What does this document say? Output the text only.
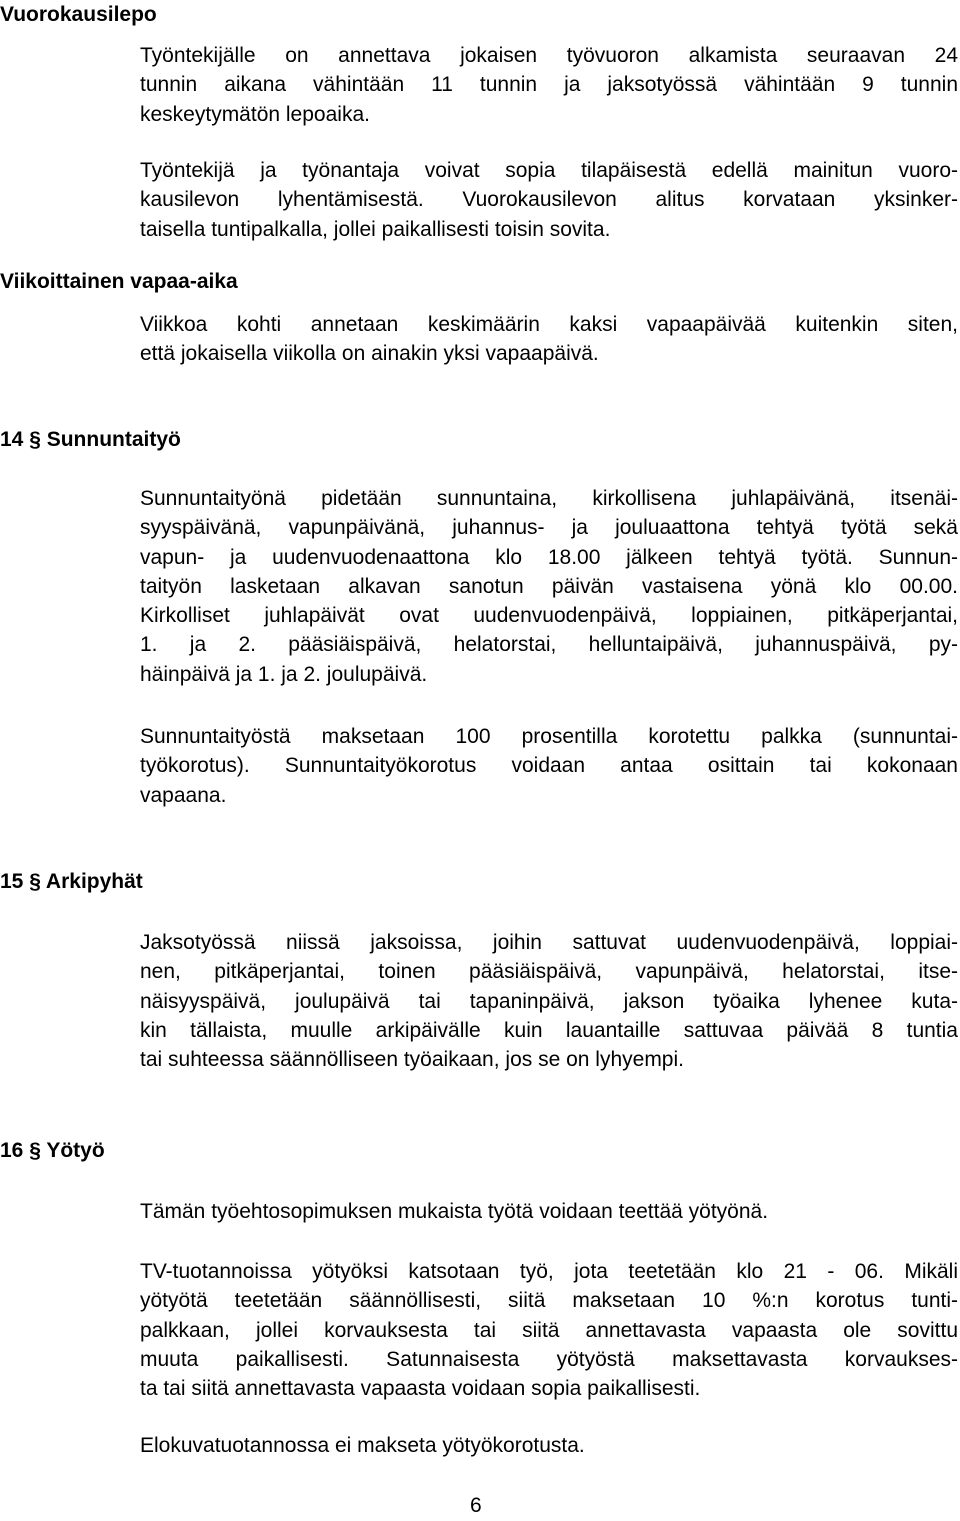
Vuorokausilepo
Työntekijälle on annettava jokaisen työvuoron alkamista seuraavan 24
tunnin aikana vähintään 11 tunnin ja jaksotyössä vähintään 9 tunnin
keskeytymätön lepoaika.
Työntekijä ja työnantaja voivat sopia tilapäisestä edellä mainitun vuoro-
kausilevon lyhentämisestä. Vuorokausilevon alitus korvataan yksinker-
taisella tuntipalkalla, jollei paikallisesti toisin sovita.
Viikoittainen vapaa-aika
Viikkoa kohti annetaan keskimäärin kaksi vapaapäivää kuitenkin siten,
että jokaisella viikolla on ainakin yksi vapaapäivä.
14 § Sunnuntaityö
Sunnuntaityönä pidetään sunnuntaina, kirkollisena juhlapäivänä, itsenäi-
syyspäivänä, vapunpäivänä, juhannus- ja jouluaattona tehtyä työtä sekä
vapun- ja uudenvuodenaattona klo 18.00 jälkeen tehtyä työtä. Sunnun-
taityön lasketaan alkavan sanotun päivän vastaisena yönä klo 00.00.
Kirkolliset juhlapäivät ovat uudenvuodenpäivä, loppiainen, pitkäperjantai,
1. ja 2. pääsiäispäivä, helatorstai, helluntaipäivä, juhannuspäivä, py-
häinpäivä ja 1. ja 2. joulupäivä.
Sunnuntaityöstä maksetaan 100 prosentilla korotettu palkka (sunnuntai-
työkorotus). Sunnuntaityökorotus voidaan antaa osittain tai kokonaan
vapaana.
15 § Arkipyhät
Jaksotyössä niissä jaksoissa, joihin sattuvat uudenvuodenpäivä, loppiai-
nen, pitkäperjantai, toinen pääsiäispäivä, vapunpäivä, helatorstai, itse-
näisyyspäivä, joulupäivä tai tapaninpäivä, jakson työaika lyhenee kuta-
kin tällaista, muulle arkipäivälle kuin lauantaille sattuvaa päivää 8 tuntia
tai suhteessa säännölliseen työaikaan, jos se on lyhyempi.
16 § Yötyö
Tämän työehtosopimuksen mukaista työtä voidaan teettää yötyönä.
TV-tuotannoissa yötyöksi katsotaan työ, jota teetetään klo 21 - 06. Mikäli
yötyötä teetetään säännöllisesti, siitä maksetaan 10 %:n korotus tunti-
palkkaan, jollei korvauksesta tai siitä annettavasta vapaasta ole sovittu
muuta paikallisesti. Satunnaisesta yötyöstä maksettavasta korvaukses-
ta tai siitä annettavasta vapaasta voidaan sopia paikallisesti.
Elokuvatuotannossa ei makseta yötyökorotusta.
6
